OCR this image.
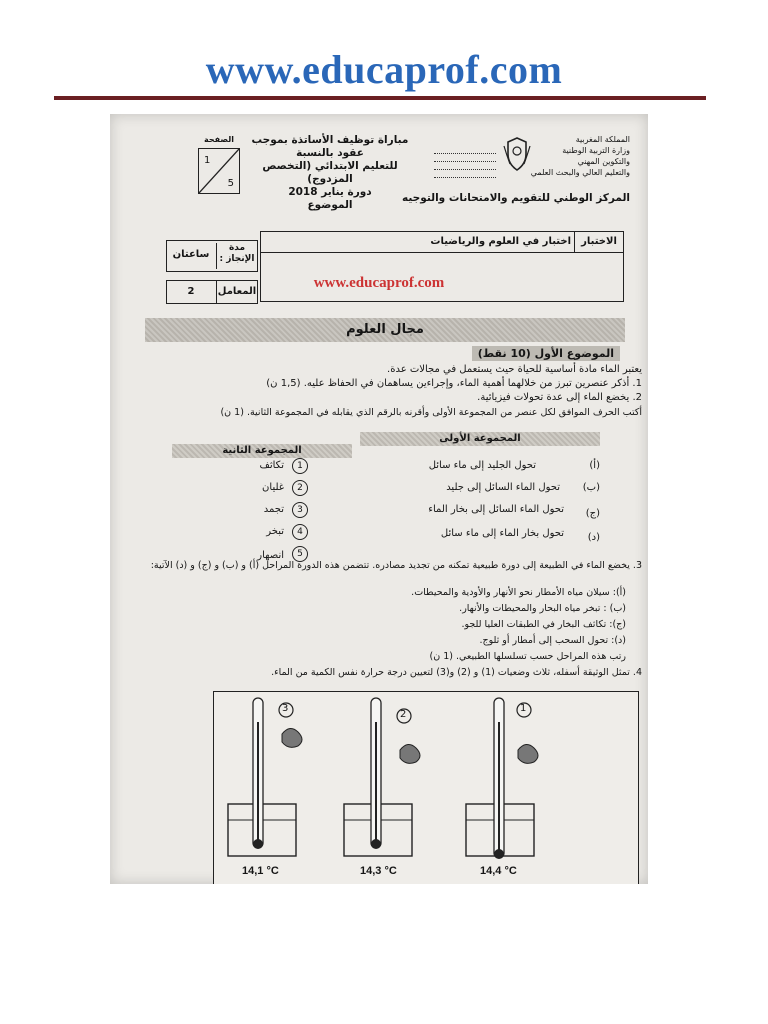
www.educaprof.com
المملكة المغربية
وزارة التربية الوطنية
والتكوين المهني
والتعليم العالي والبحث العلمي
مباراة توظيف الأساتذة بموجب عقود بالنسبة
للتعليم الابتدائي (التخصص المزدوج)
دورة يناير 2018
الموضوع
الصفحة
1
5
المركز الوطني للتقويم والامتحانات والتوجيه
الاختبار
اختبار في العلوم والرياضيات
مدة الإنجاز :
ساعتان
المعامل
2
www.educaprof.com
مجال العلوم
الموضوع الأول (10 نقط)
يعتبر الماء مادة أساسية للحياة حيث يستعمل في مجالات عدة.
1. أذكر عنصرين تبرز من خلالهما أهمية الماء، وإجراءين يساهمان في الحفاظ عليه. (1,5 ن)
2. يخضع الماء إلى عدة تحولات فيزيائية.
أكتب الحرف الموافق لكل عنصر من المجموعة الأولى وأقرنه بالرقم الذي يقابله في المجموعة الثانية. (1 ن)
المجموعة الأولى
المجموعة الثانية
تحول الجليد إلى ماء سائل	(أ)
تحول الماء السائل إلى جليد (ب)
تحول الماء السائل إلى بخار الماء (ج)
تحول بخار الماء إلى ماء سائل (د)
تكاثف	1
غليان	2
تجمد	3
تبخر	4
انصهار	5
3. يخضع الماء في الطبيعة إلى دورة طبيعية تمكنه من تجديد مصادره. تتضمن هذه الدورة المراحل (أ) و (ب) و (ج) و (د) الآتية:
(أ): سيلان مياه الأمطار نحو الأنهار والأودية والمحيطات.
(ب) : تبخر مياه البحار والمحيطات والأنهار.
(ج): تكاثف البخار في الطبقات العليا للجو.
(د): تحول السحب إلى أمطار أو ثلوج.
رتب هذه المراحل حسب تسلسلها الطبيعي. (1 ن)
4. تمثل الوثيقة أسفله، ثلاث وضعيات (1) و (2) و(3) لتعيين درجة حرارة نفس الكمية من الماء.
3
2
1
14,1 °C	14,3 °C	14,4 °C
